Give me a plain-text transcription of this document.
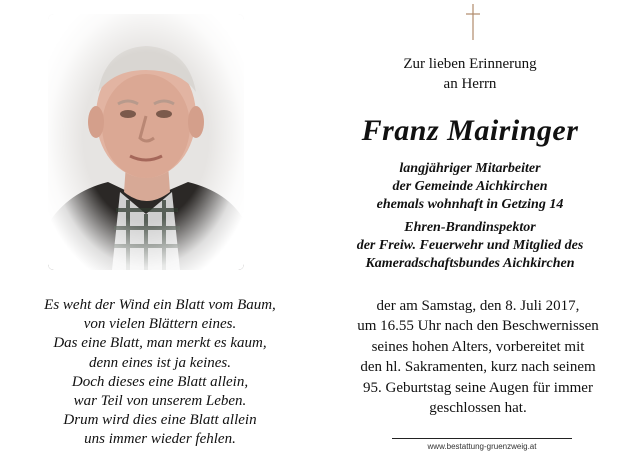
Zur lieben Erinnerung
an Herrn
Franz Mairinger
langjähriger Mitarbeiter
der Gemeinde Aichkirchen
ehemals wohnhaft in Getzing 14
Ehren-Brandinspektor
der Freiw. Feuerwehr und Mitglied des
Kameradschaftsbundes Aichkirchen
Es weht der Wind ein Blatt vom Baum,
von vielen Blättern eines.
Das eine Blatt, man merkt es kaum,
denn eines ist ja keines.
Doch dieses eine Blatt allein,
war Teil von unserem Leben.
Drum wird dies eine Blatt allein
uns immer wieder fehlen.
der am Samstag, den 8. Juli 2017,
um 16.55 Uhr nach den Beschwernissen
seines hohen Alters, vorbereitet mit
den hl. Sakramenten, kurz nach seinem
95. Geburtstag seine Augen für immer
geschlossen hat.
www.bestattung-gruenzweig.at
